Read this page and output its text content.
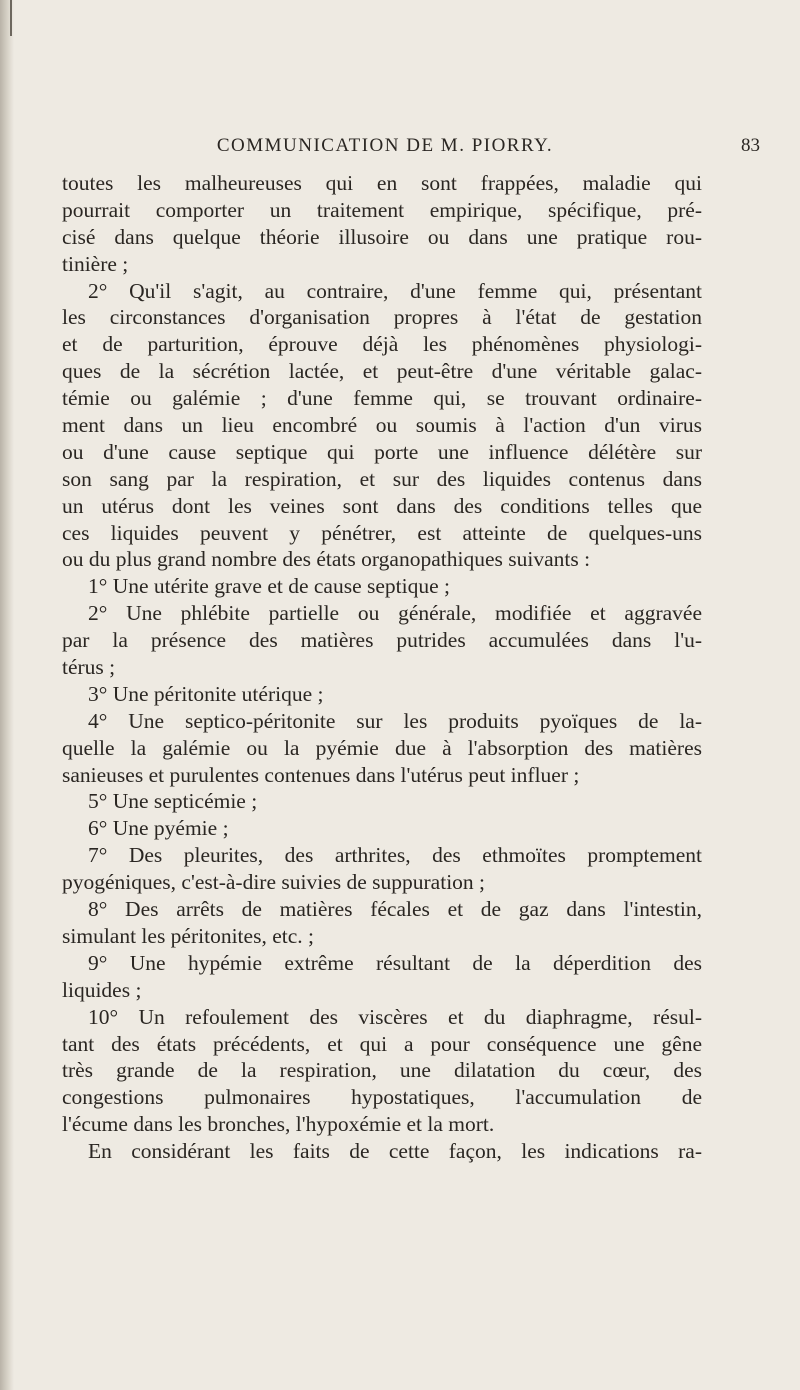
COMMUNICATION DE M. PIORRY.	83
toutes les malheureuses qui en sont frappées, maladie qui
pourrait comporter un traitement empirique, spécifique, pré-
cisé dans quelque théorie illusoire ou dans une pratique rou-
tinière ;
2° Qu'il s'agit, au contraire, d'une femme qui, présentant
les circonstances d'organisation propres à l'état de gestation
et de parturition, éprouve déjà les phénomènes physiologi-
ques de la sécrétion lactée, et peut-être d'une véritable galac-
témie ou galémie ; d'une femme qui, se trouvant ordinaire-
ment dans un lieu encombré ou soumis à l'action d'un virus
ou d'une cause septique qui porte une influence délétère sur
son sang par la respiration, et sur des liquides contenus dans
un utérus dont les veines sont dans des conditions telles que
ces liquides peuvent y pénétrer, est atteinte de quelques-uns
ou du plus grand nombre des états organopathiques suivants :
1° Une utérite grave et de cause septique ;
2° Une phlébite partielle ou générale, modifiée et aggravée
par la présence des matières putrides accumulées dans l'u-
térus ;
3° Une péritonite utérique ;
4° Une septico-péritonite sur les produits pyoïques de la-
quelle la galémie ou la pyémie due à l'absorption des matières
sanieuses et purulentes contenues dans l'utérus peut influer ;
5° Une septicémie ;
6° Une pyémie ;
7° Des pleurites, des arthrites, des ethmoïtes promptement
pyogéniques, c'est-à-dire suivies de suppuration ;
8° Des arrêts de matières fécales et de gaz dans l'intestin,
simulant les péritonites, etc. ;
9° Une hypémie extrême résultant de la déperdition des
liquides ;
10° Un refoulement des viscères et du diaphragme, résul-
tant des états précédents, et qui a pour conséquence une gêne
très grande de la respiration, une dilatation du cœur, des
congestions pulmonaires hypostatiques, l'accumulation de
l'écume dans les bronches, l'hypoxémie et la mort.
En considérant les faits de cette façon, les indications ra-
